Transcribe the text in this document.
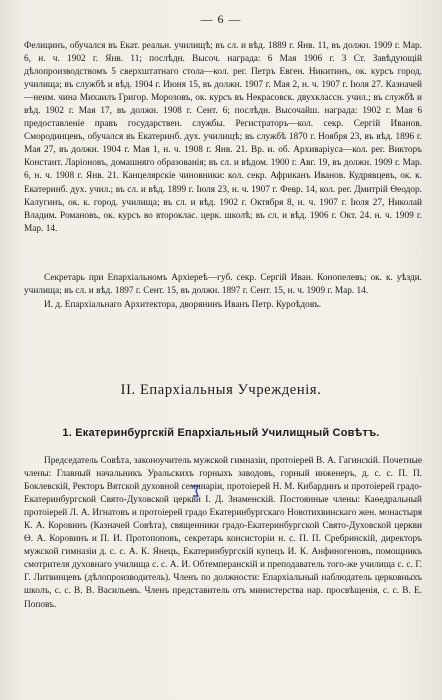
— 6 —

Фелицинъ, обучался въ Екат. реальн. училищѣ; въ сл. и вѣд. 1889 г. Янв. 11, въ должн. 1909 г. Мар. 6, н. ч. 1902 г. Янв. 11; послѣдн. Высоч. награда: 6 Мая 1906 г. 3 Ст. Завѣдующій дѣлопроизводствомъ 5 сверхштатнаго стола—кол. рег. Петръ Евген. Никитинъ, ок. курсъ город. училища; въ службѣ и вѣд. 1904 г. Июня 15, въ должн. 1907 г. Мая 2, н. ч. 1907 г. Іюля 27. Казначей—неим. чина Михаилъ Григор. Морозовъ, ок. курсъ въ Некрасовск. двухклассн. учил.; въ службѣ и вѣд. 1902 г. Мая 17, въ должн. 1908 г. Сент. 6; послѣдн. Высочайш. награда: 1902 г. Мая 6 предоставленіе правъ государствен. службы. Регистраторъ—кол. секр. Сергій Иванов. Смородинцевъ, обучался въ Екатеринб. дух. училищѣ; въ службѣ 1870 г. Ноября 23, въ вѣд. 1896 г. Мая 27, въ должн. 1904 г. Мая 1, н. ч. 1908 г. Янв. 21. Вр. и. об. Архиваріуса—кол. рег. Викторъ Констант. Ларіоновъ, домашняго образованія; въ сл. и вѣдом. 1900 г. Авг. 19, въ должн. 1909 г. Мар. 6, н. ч. 1908 г. Янв. 21. Канцелярскіе чиновники: кол. секр. Африканъ Иванов. Кудрявцевъ, ок. к. Екатеринб. дух. учил.; въ сл. и вѣд. 1899 г. Іюля 23, н. ч. 1907 г. Февр. 14, кол. рег. Дмитрій Ѳеодор. Калугинъ, ок. к. город. училища; въ сл. и вѣд. 1902 г. Октября 8, н. ч. 1907 г. Іюля 27, Николай Владим. Романовъ, ок. курсъ во второклас. церк. школѣ; въ сл. и вѣд. 1906 г. Окт. 24. н. ч. 1909 г. Мар. 14.

Секретарь при Епархіальномъ Архіереѣ—губ. секр. Сергій Иван. Конопелевъ; ок. к. уѣзди. училища; въ сл. и вѣд. 1897 г. Сент. 15, въ должн. 1897 г. Сент. 15, н. ч. 1909 г. Мар. 14.

И. д. Епархіальнаго Архитектора, дворянинъ Иванъ Петр. Куроѣдовъ.

II. Епархіальныя Учрежденія.
1. Екатеринбургскій Епархіальный Училищный Совѣтъ.

Председатель Совѣта, законоучитель мужской гимназіи, протоіерей В. А. Гагинскій. Почетные члены: Главный начальникъ Уральскихъ горныхъ заводовъ, горный инженеръ, д. с. с. П. П. Боклевскій, Ректоръ Вятской духовной семинаріи, протоіерей Н. М. Кибардинъ и протоіерей градо-Екатеринбургской Свято-Духовской церкви І. Д. Знаменскій. Постоянные члены: Каѳедральный протоіерей Л. А. Игнатовъ и протоіерей градо Екатеринбургскаго Новотихвинскаго жен. монастыря К. А. Коровинъ (Казначей Совѣта), священники градо-Екатеринбургской Свято-Духовской церкви Ѳ. А. Коровинъ и П. И. Протопоповъ, секретарь консисторіи н. с. П. П. Сребринскій, директоръ мужской гимназіи д. с. с. А. К. Янецъ, Екатеринбургскій купецъ И. К. Анфиногеновъ, помощникъ смотрителя духовнаго училища с. с. А. И. Обтемперанскій и преподаватель того-же училища с. с. Г. Г. Литвинцевъ (дѣлопроизводитель). Членъ по должности: Епархіальный наблюдатель церковныхъ школъ, с. с. В. В. Васильевъ. Членъ представитель отъ министерства нар. просвѣщенія, с. с. В. Е. Поповъ.
